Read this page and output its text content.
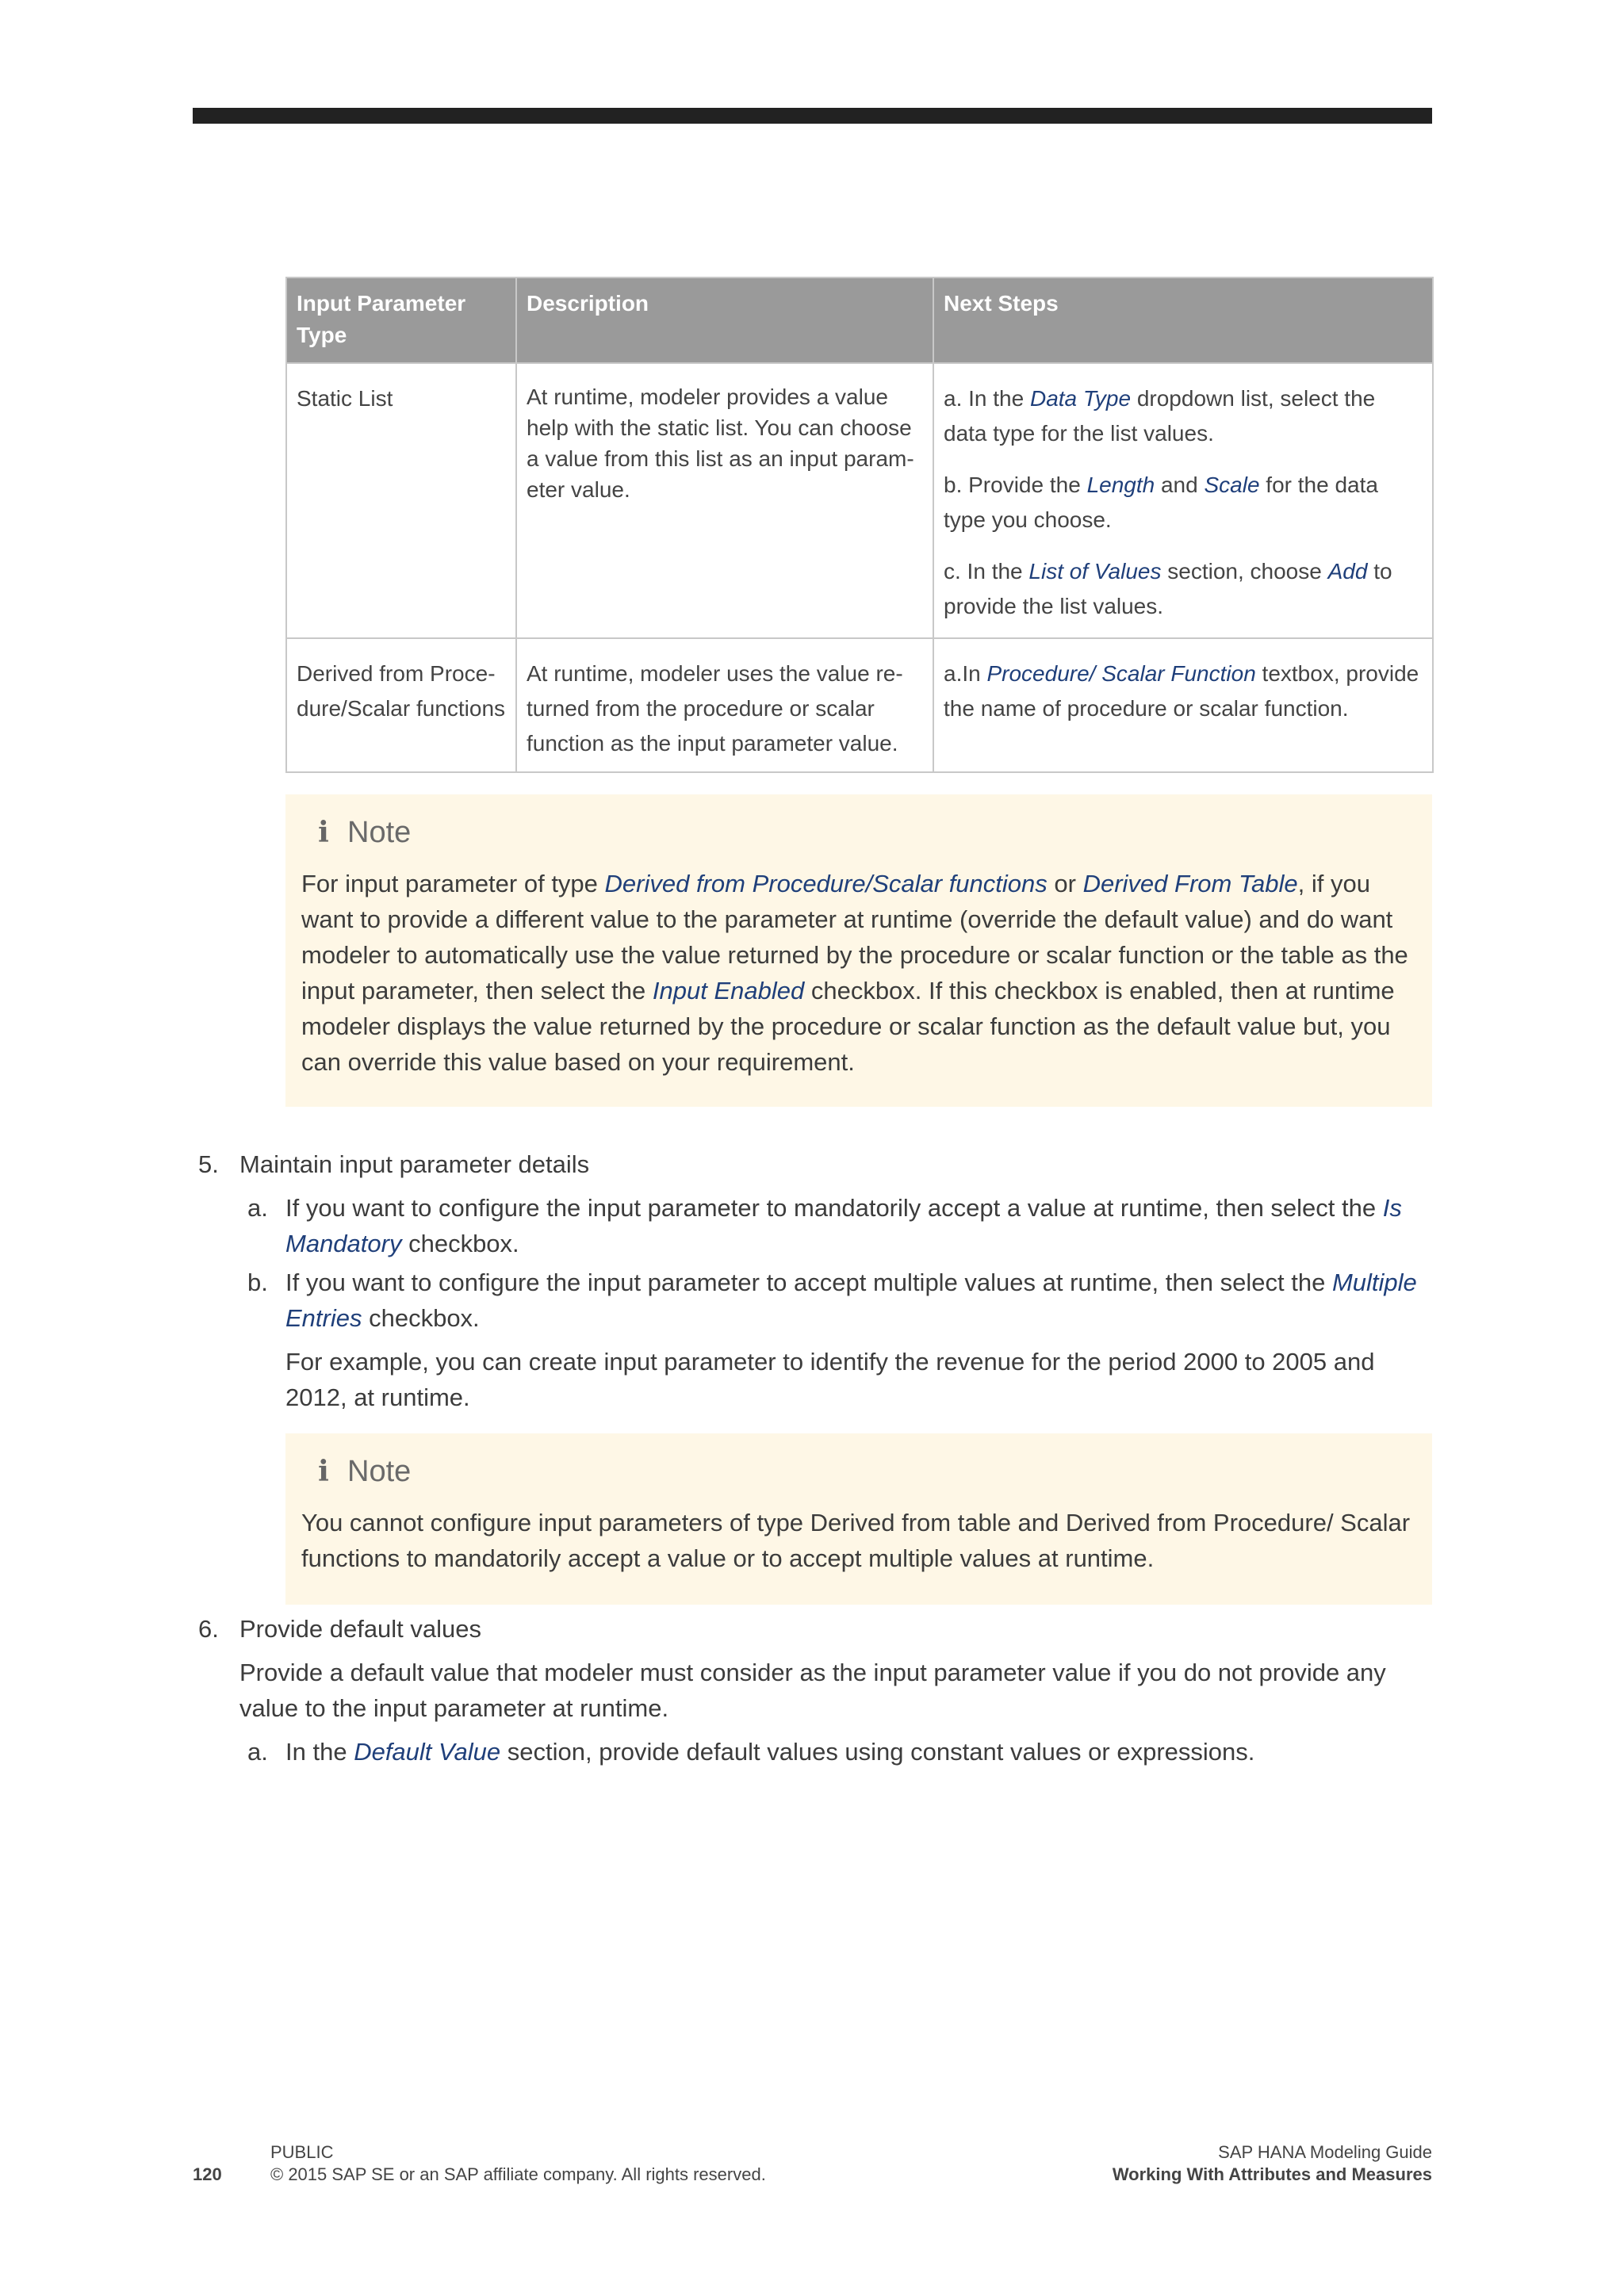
Input Parameter Type	Description	Next Steps
Static List	At runtime, modeler provides a value help with the static list. You can choose a value from this list as an input parameter value.	a. In the Data Type dropdown list, select the data type for the list values.

b. Provide the Length and Scale for the data type you choose.

c. In the List of Values section, choose Add to provide the list values.

Derived from Procedure/Scalar functions	At runtime, modeler uses the value returned from the procedure or scalar function as the input parameter value.	a.In Procedure/ Scalar Function textbox, provide the name of procedure or scalar function.

i Note

For input parameter of type Derived from Procedure/Scalar functions or Derived From Table, if you want to provide a different value to the parameter at runtime (override the default value) and do want modeler to automatically use the value returned by the procedure or scalar function or the table as the input parameter, then select the Input Enabled checkbox. If this checkbox is enabled, then at runtime modeler displays the value returned by the procedure or scalar function as the default value but, you can override this value based on your requirement.

5. Maintain input parameter details
a. If you want to configure the input parameter to mandatorily accept a value at runtime, then select the Is Mandatory checkbox.
b. If you want to configure the input parameter to accept multiple values at runtime, then select the Multiple Entries checkbox.
For example, you can create input parameter to identify the revenue for the period 2000 to 2005 and 2012, at runtime.
i Note

You cannot configure input parameters of type Derived from table and Derived from Procedure/ Scalar functions to mandatorily accept a value or to accept multiple values at runtime.

6. Provide default values
Provide a default value that modeler must consider as the input parameter value if you do not provide any value to the input parameter at runtime.
a. In the Default Value section, provide default values using constant values or expressions.
120
PUBLIC
© 2015 SAP SE or an SAP affiliate company. All rights reserved.
SAP HANA Modeling Guide
Working With Attributes and Measures
